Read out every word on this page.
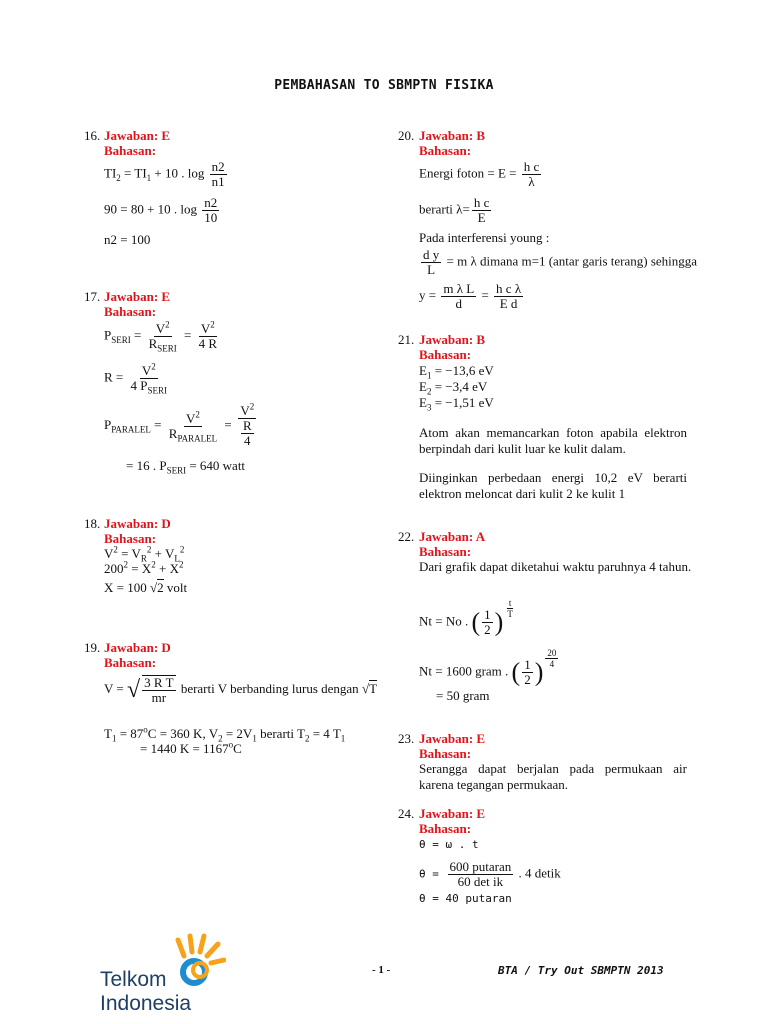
PEMBAHASAN TO SBMPTN FISIKA
16. Jawaban: E
Bahasan:
$TI_2 = TI_1 + 10$ . $\log \frac{n2}{n1}$
90 = 80 + 10 . $\log \frac{n2}{10}$
n2 = 100
17. Jawaban: E
Bahasan:
$P_{SERI} = \frac{V^2}{R_{SERI}} = \frac{V^2}{4 R}$
$R = \frac{V^2}{4 P_{SERI}}$
$P_{PARALEL} = \frac{V^2}{R_{PARALEL}} = \frac{V^2}{\frac{R}{4}}$
= 16 . $P_{SERI} = 640$ watt
18. Jawaban: D
Bahasan:
$V^2 = V_R^2 + V_L^2$
$200^2 = X^2 + X^2$
X = 100 √2 volt
19. Jawaban: D
Bahasan:
V = √ $\frac{\text{3 R T}}{mr}$ berarti V berbanding lurus dengan √T
$T_1 = 87^oC = 360$ K, $V_2 = 2V_1$ berarti $T_2 = 4$ $T_1$
= 1440 $K = 1167^oC$
20. Jawaban: B
Bahasan:
Energi foton = $E = \frac{\text{h c}}{\lambda}$
berarti $\lambda= \frac{\text{h c}}{E}$
Pada interferensi young :
$\frac{\text{d y}}{L} = m$ λ dimana m=1 (antar garis terang) sehingga
$y = \frac{\text{m λ L}}{d} = \frac{\text{h c λ}}{\text{E d}}$
21. Jawaban: B
Bahasan:
$E_1 = -13,6$ eV
$E_2 = -3,4$ eV
$E_3 = -1,51$ eV
Atom akan memancarkan foton apabila elektron berpindah dari kulit luar ke kulit dalam.
Diinginkan perbedaan energi 10,2 eV berarti elektron meloncat dari kulit 2 ke kulit 1
22. Jawaban: A
Bahasan:
Dari grafik dapat diketahui waktu paruhnya 4 tahun.
Nt = No . ( $\frac{1}{2}$ ) $\frac{t}{T}$
Nt = 1600 gram . ( $\frac{1}{2}$ ) $\frac{20}{4}$
= 50 gram
23. Jawaban: E
Bahasan:
Serangga dapat berjalan pada permukaan air karena tegangan permukaan.
24. Jawaban: E
Bahasan:
θ = ω . t
$\theta = \frac{\text{600 putaran}}{\text{60 det ik}}$ . 4 detik
θ = 40 putaran
- 1 -	BTA / Try Out SBMPTN 2013
Telkom
Indonesia
